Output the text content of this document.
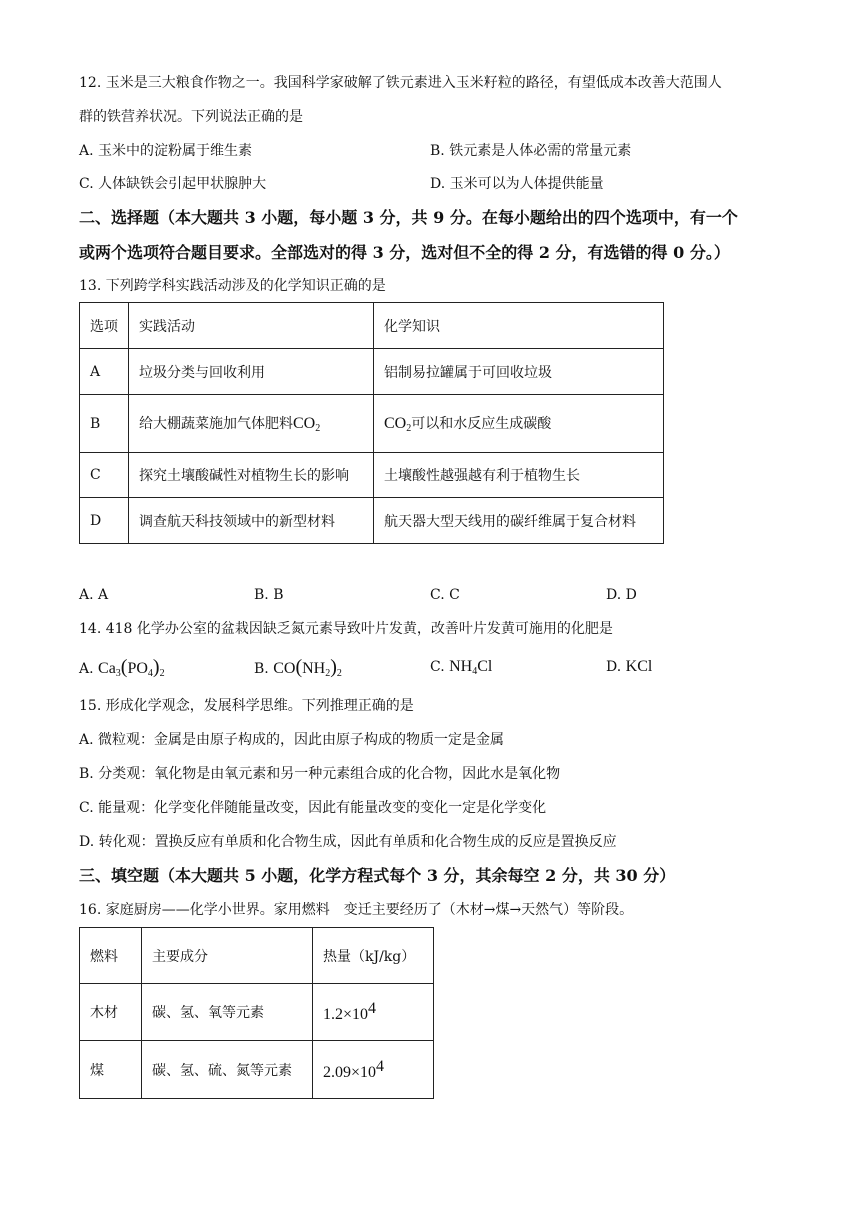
12. 玉米是三大粮食作物之一。我国科学家破解了铁元素进入玉米籽粒的路径，有望低成本改善大范围人
群的铁营养状况。下列说法正确的是
A. 玉米中的淀粉属于维生素	B. 铁元素是人体必需的常量元素
C. 人体缺铁会引起甲状腺肿大	D. 玉米可以为人体提供能量
二、选择题（本大题共 3 小题，每小题 3 分，共 9 分。在每小题给出的四个选项中，有一个
或两个选项符合题目要求。全部选对的得 3 分，选对但不全的得 2 分，有选错的得 0 分。）
13. 下列跨学科实践活动涉及的化学知识正确的是
选项	实践活动	化学知识
A	垃圾分类与回收利用	铝制易拉罐属于可回收垃圾
B	给大棚蔬菜施加气体肥料$CO_2$	$CO_2$可以和水反应生成碳酸
C	探究土壤酸碱性对植物生长的影响	土壤酸性越强越有利于植物生长
D	调查航天科技领域中的新型材料	航天器大型天线用的碳纤维属于复合材料
A. A	B. B	C. C	D. D
14. 418 化学办公室的盆栽因缺乏氮元素导致叶片发黄，改善叶片发黄可施用的化肥是
A. $Ca_3(PO_4)_2$	B. $CO(NH_2)_2$	C. $NH_4Cl$	D. KCl
15. 形成化学观念，发展科学思维。下列推理正确的是
A. 微粒观：金属是由原子构成的，因此由原子构成的物质一定是金属
B. 分类观：氧化物是由氧元素和另一种元素组合成的化合物，因此水是氧化物
C. 能量观：化学变化伴随能量改变，因此有能量改变的变化一定是化学变化
D. 转化观：置换反应有单质和化合物生成，因此有单质和化合物生成的反应是置换反应
三、填空题（本大题共 5 小题，化学方程式每个 3 分，其余每空 2 分，共 30 分）
16. 家庭厨房——化学小世界。家用燃料　变迁主要经历了（木材→煤→天然气）等阶段。
燃料	主要成分	热量（kJ/kg）
木材	碳、氢、氧等元素	$1.2\times 10^4$
煤	碳、氢、硫、氮等元素	$2.09\times 10^4$
